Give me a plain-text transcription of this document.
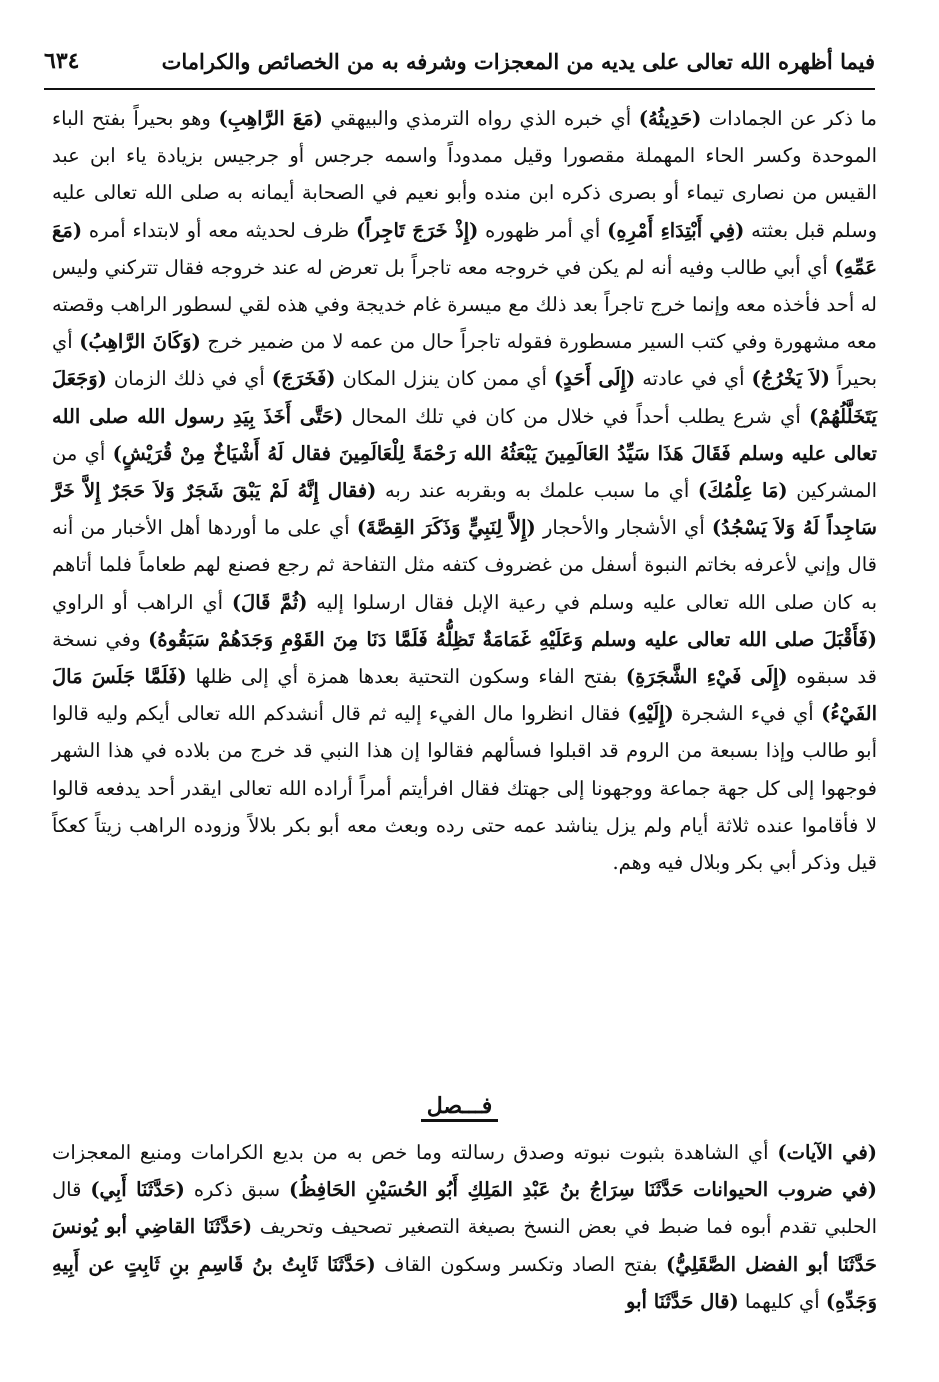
فيما أظهره الله تعالى على يديه من المعجزات وشرفه به من الخصائص والكرامات
٦٣٤

ما ذكر عن الجمادات (حَدِيثُهُ) أي خبره الذي رواه الترمذي والبيهقي (مَعَ الرَّاهِبِ) وهو بحيراً بفتح الباء الموحدة وكسر الحاء المهملة مقصورا وقيل ممدوداً واسمه جرجس أو جرجيس بزيادة ياء ابن عبد القيس من نصارى تيماء أو بصرى ذكره ابن منده وأبو نعيم في الصحابة أيمانه به صلى الله تعالى عليه وسلم قبل بعثته (فِي أَبْتِدَاءِ أَمْرِهِ) أي أمر ظهوره (إِذْ خَرَجَ تَاجِراً) ظرف لحديثه معه أو لابتداء أمره (مَعَ عَمِّهِ) أي أبي طالب وفيه أنه لم يكن في خروجه معه تاجراً بل تعرض له عند خروجه فقال تتركني وليس له أحد فأخذه معه وإنما خرج تاجراً بعد ذلك مع ميسرة غام خديجة وفي هذه لقي لسطور الراهب وقصته معه مشهورة وفي كتب السير مسطورة فقوله تاجراً حال من عمه لا من ضمير خرج (وَكَانَ الرَّاهِبُ) أي بحيراً (لاَ يَخْرُجُ) أي في عادته (إِلَى أَحَدٍ) أي ممن كان ينزل المكان (فَخَرَجَ) أي في ذلك الزمان (وَجَعَلَ يَتَخَلَّلُهُمْ) أي شرع يطلب أحداً في خلال من كان في تلك المحال (حَتَّى أَخَذَ بِيَدِ رسول الله صلى الله تعالى عليه وسلم فَقَالَ هَذَا سَيِّدُ العَالَمِينَ يَبْعَثُهُ الله رَحْمَةً لِلْعَالَمِينَ فقال لَهُ أَشْيَاخٌ مِنْ قُرَيْشٍ) أي من المشركين (مَا عِلْمُكَ) أي ما سبب علمك به وبقربه عند ربه (فقال إِنَّهُ لَمْ يَبْقَ شَجَرٌ وَلاَ حَجَرٌ إِلاَّ خَرَّ سَاجِداً لَهُ وَلاَ يَسْجُدُ) أي الأشجار والأحجار (إِلاَّ لِنَبِيٍّ وَذَكَرَ القِصَّةَ) أي على ما أوردها أهل الأخبار من أنه قال وإني لأعرفه بخاتم النبوة أسفل من غضروف كتفه مثل التفاحة ثم رجع فصنع لهم طعاماً فلما أتاهم به كان صلى الله تعالى عليه وسلم في رعية الإبل فقال ارسلوا إليه (ثُمَّ قَالَ) أي الراهب أو الراوي (فَأَقْبَلَ صلى الله تعالى عليه وسلم وَعَلَيْهِ غَمَامَةٌ تَظِلُّهُ فَلَمَّا دَنَا مِنَ القَوْمِ وَجَدَهُمْ سَبَقُوهُ) وفي نسخة قد سبقوه (إِلَى فَيْءِ الشَّجَرَةِ) بفتح الفاء وسكون التحتية بعدها همزة أي إلى ظلها (فَلَمَّا جَلَسَ مَالَ الفَيْءُ) أي فيء الشجرة (إِلَيْهِ) فقال انظروا مال الفيء إليه ثم قال أنشدكم الله تعالى أيكم وليه قالوا أبو طالب وإذا بسبعة من الروم قد اقبلوا فسألهم فقالوا إن هذا النبي قد خرج من بلاده في هذا الشهر فوجهوا إلى كل جهة جماعة ووجهونا إلى جهتك فقال افرأيتم أمراً أراده الله تعالى ايقدر أحد يدفعه قالوا لا فأقاموا عنده ثلاثة أيام ولم يزل يناشد عمه حتى رده وبعث معه أبو بكر بلالاً وزوده الراهب زيتاً كعكاً قيل وذكر أبي بكر وبلال فيه وهم.

فـــصل

(في الآيات) أي الشاهدة بثبوت نبوته وصدق رسالته وما خص به من بديع الكرامات ومنيع المعجزات (في ضروب الحيوانات حَدَّثَنَا سِرَاجُ بنُ عَبْدِ المَلِكِ أَبُو الحُسَيْنِ الحَافِظُ) سبق ذكره (حَدَّثَنَا أَبِي) قال الحلبي تقدم أبوه فما ضبط في بعض النسخ بصيغة التصغير تصحيف وتحريف (حَدَّثَنَا القاضِي أبو يُونسَ حَدَّثَنَا أبو الفضل الصَّقَلِيُّ) بفتح الصاد وتكسر وسكون القاف (حَدَّثَنَا ثَابِتُ بنُ قَاسِمِ بنِ ثَابِتٍ عن أَبِيهِ وَجَدِّهِ) أي كليهما (قال حَدَّثَنَا أبو
